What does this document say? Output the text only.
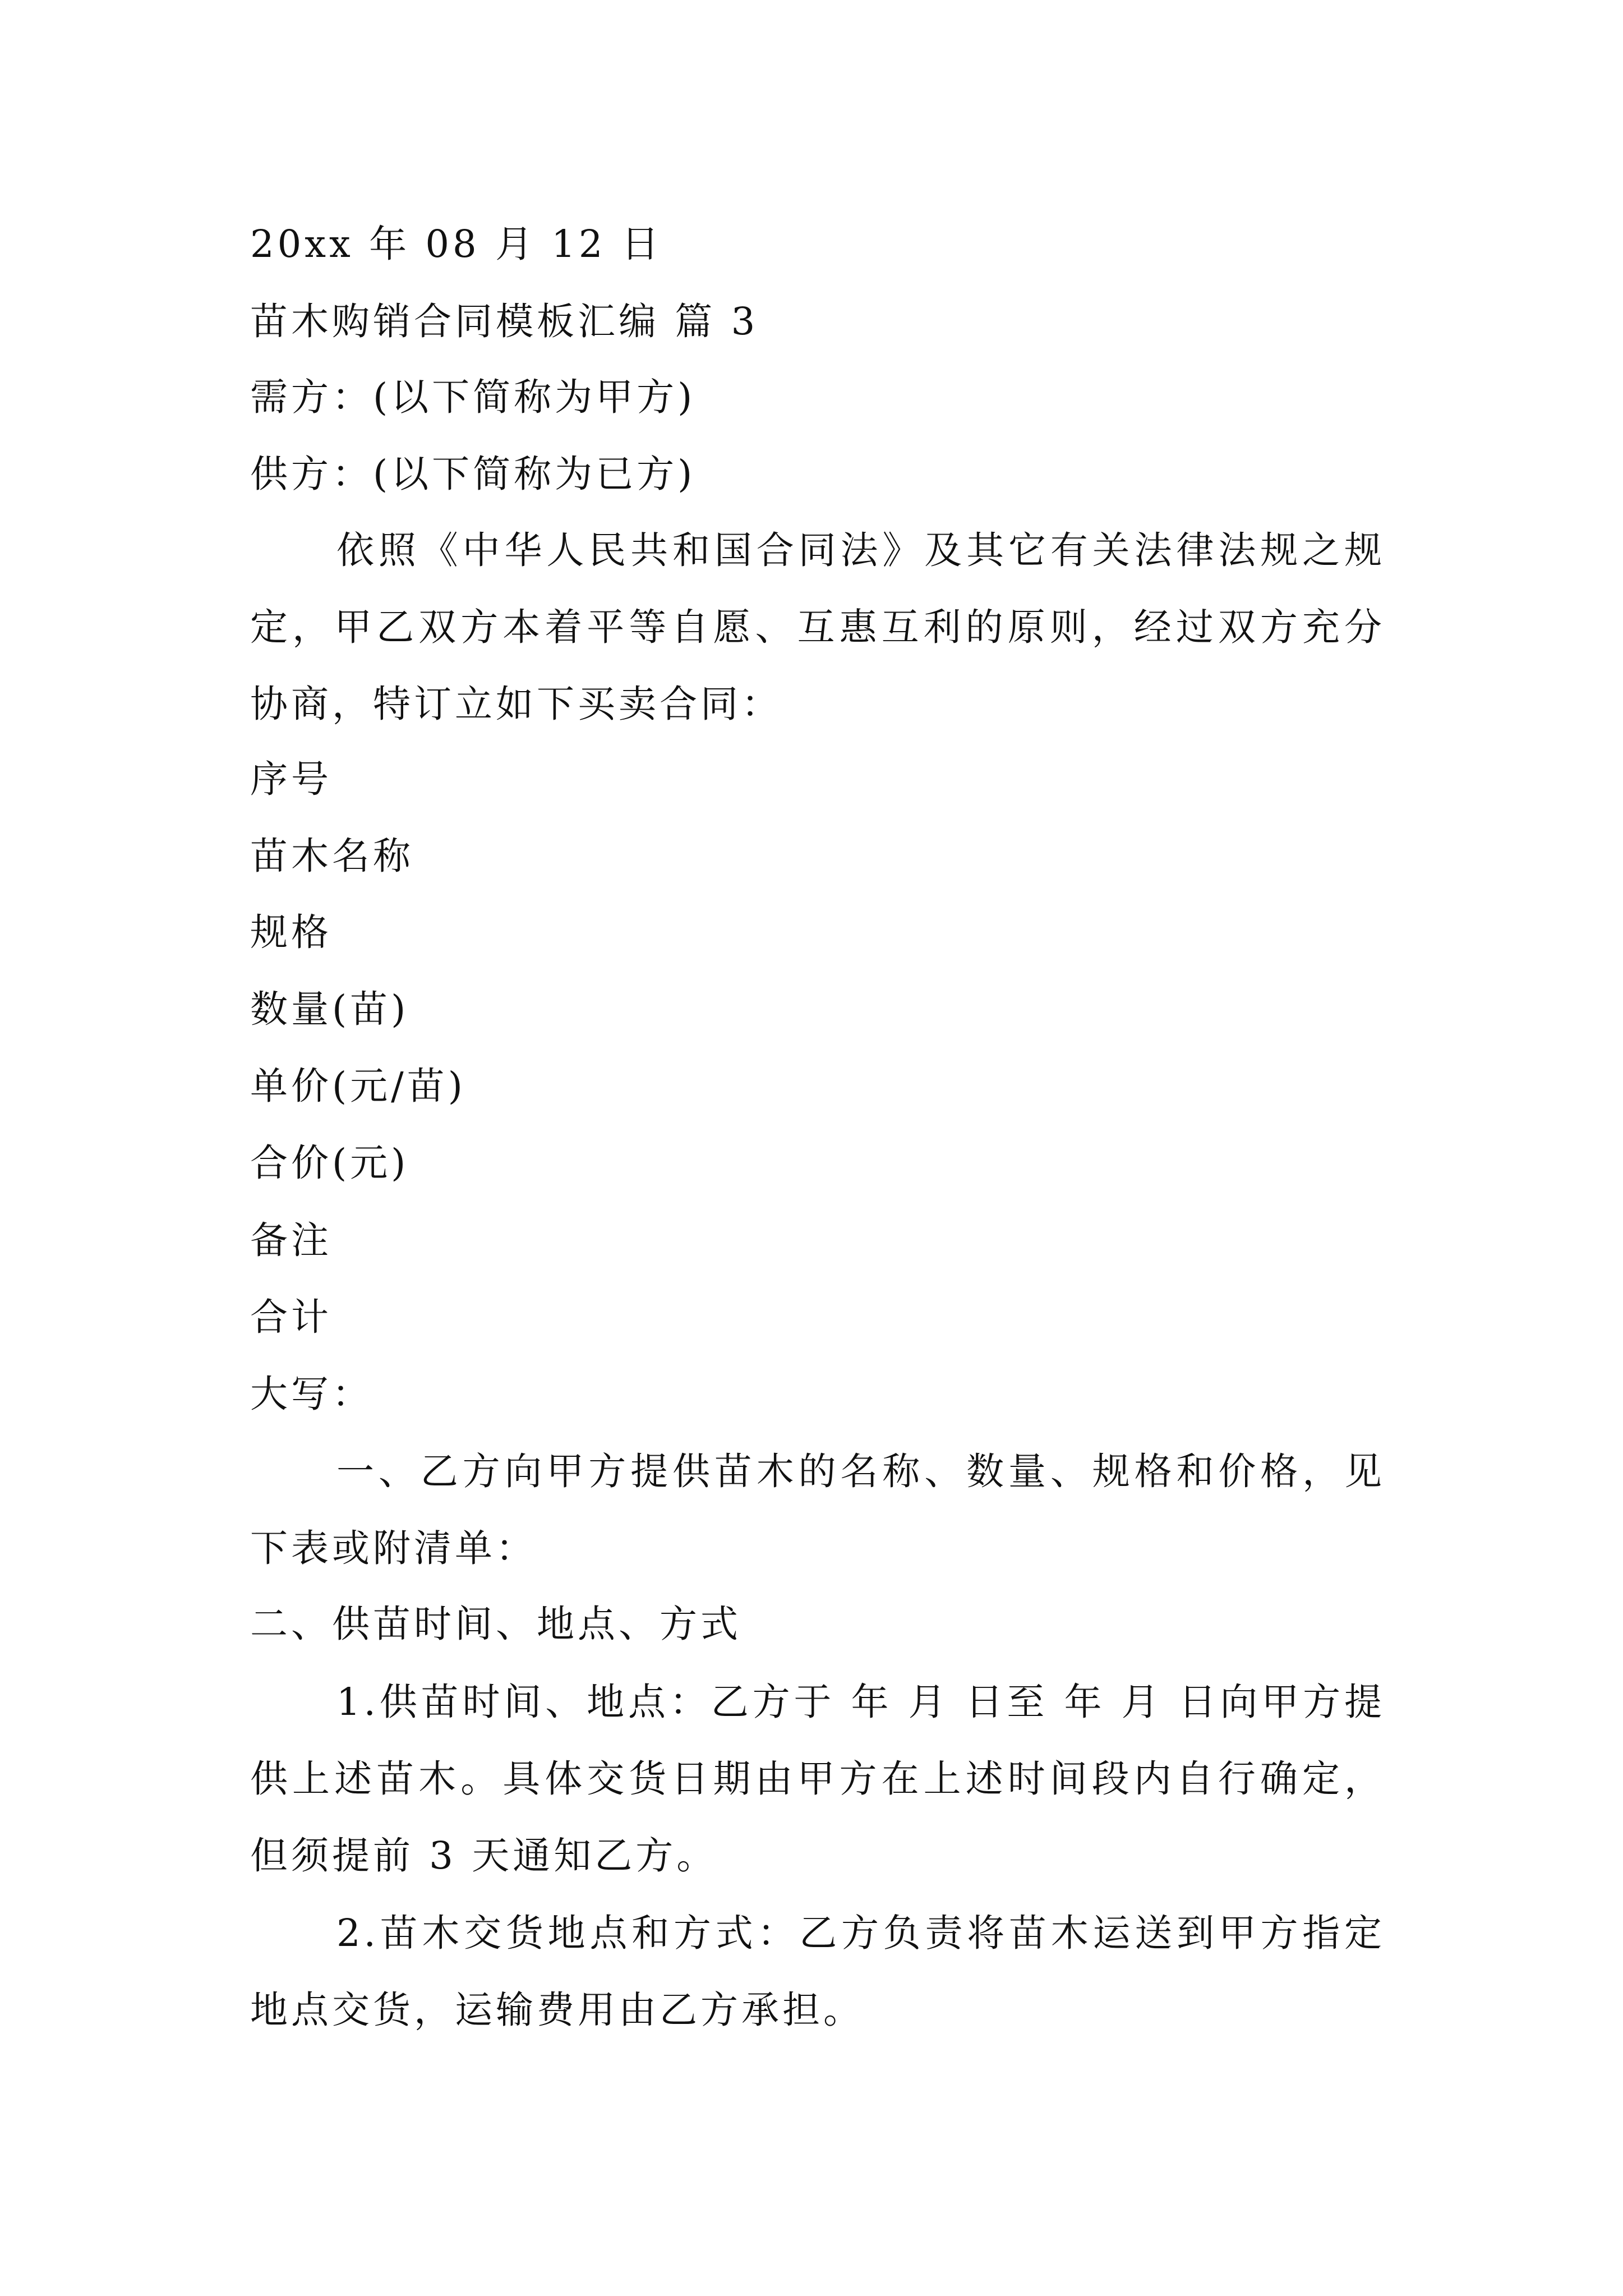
20xx 年 08 月 12 日
苗木购销合同模板汇编 篇 3
需方：(以下简称为甲方)
供方：(以下简称为已方)
依照《中华人民共和国合同法》及其它有关法律法规之规定，甲乙双方本着平等自愿、互惠互利的原则，经过双方充分协商，特订立如下买卖合同：
序号
苗木名称
规格
数量(苗)
单价(元/苗)
合价(元)
备注
合计
大写：
一、乙方向甲方提供苗木的名称、数量、规格和价格，见下表或附清单：
二、供苗时间、地点、方式
1.供苗时间、地点：乙方于 年 月 日至 年 月 日向甲方提供上述苗木。具体交货日期由甲方在上述时间段内自行确定，但须提前 3 天通知乙方。
2.苗木交货地点和方式：乙方负责将苗木运送到甲方指定地点交货，运输费用由乙方承担。
